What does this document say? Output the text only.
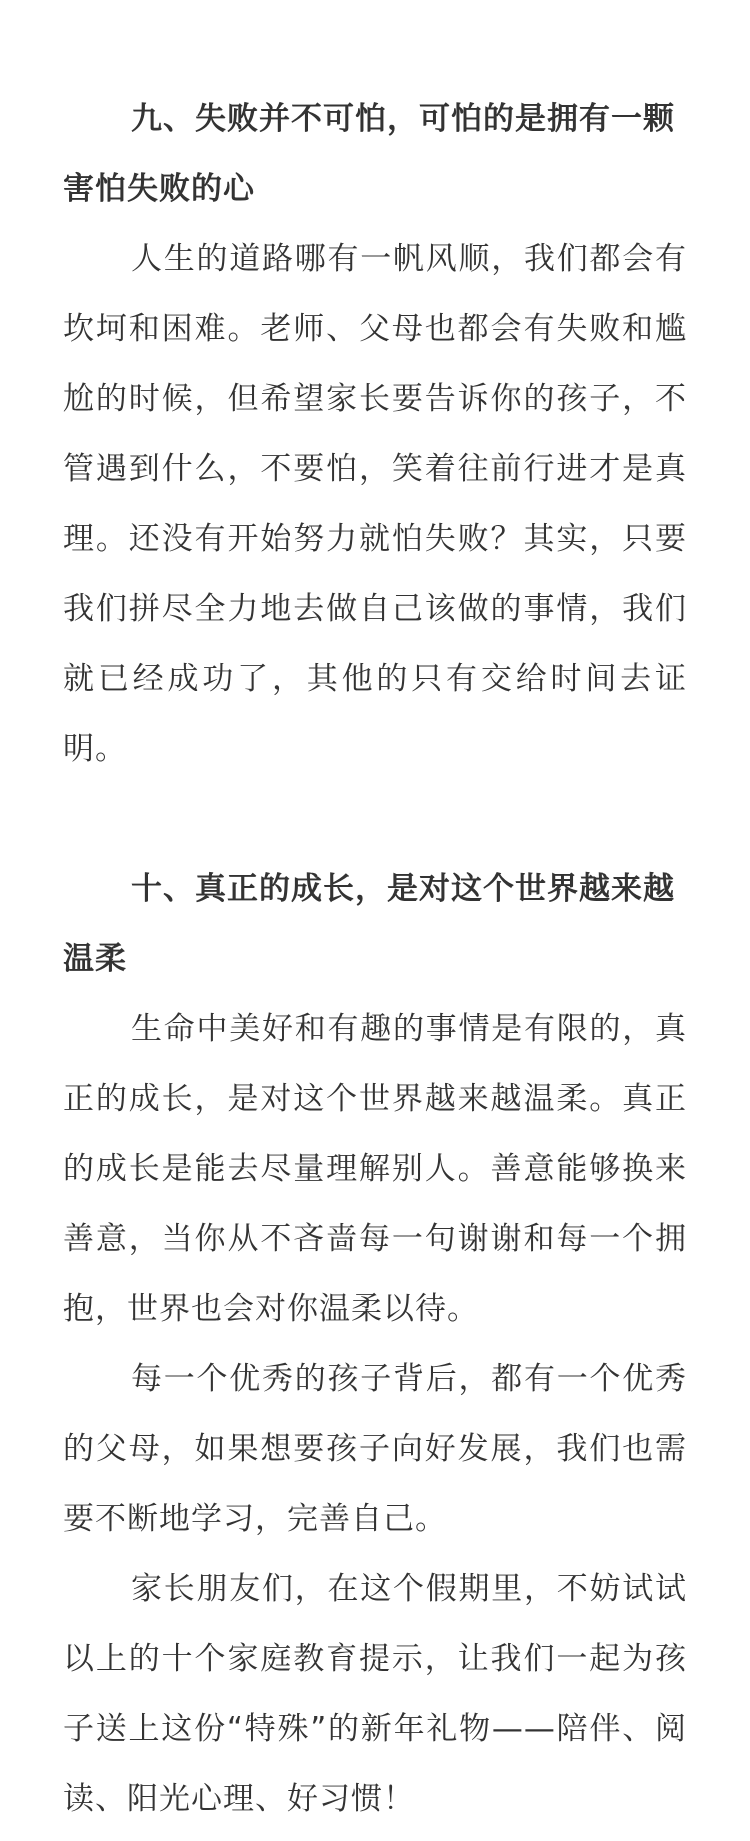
九、失败并不可怕，可怕的是拥有一颗害怕失败的心

人生的道路哪有一帆风顺，我们都会有坎坷和困难。老师、父母也都会有失败和尴尬的时候，但希望家长要告诉你的孩子，不管遇到什么，不要怕，笑着往前行进才是真理。还没有开始努力就怕失败？其实，只要我们拼尽全力地去做自己该做的事情，我们就已经成功了，其他的只有交给时间去证明。

十、真正的成长，是对这个世界越来越温柔

生命中美好和有趣的事情是有限的，真正的成长，是对这个世界越来越温柔。真正的成长是能去尽量理解别人。善意能够换来善意，当你从不吝啬每一句谢谢和每一个拥抱，世界也会对你温柔以待。

每一个优秀的孩子背后，都有一个优秀的父母，如果想要孩子向好发展，我们也需要不断地学习，完善自己。

家长朋友们，在这个假期里，不妨试试以上的十个家庭教育提示，让我们一起为孩子送上这份“特殊”的新年礼物——陪伴、阅读、阳光心理、好习惯！
